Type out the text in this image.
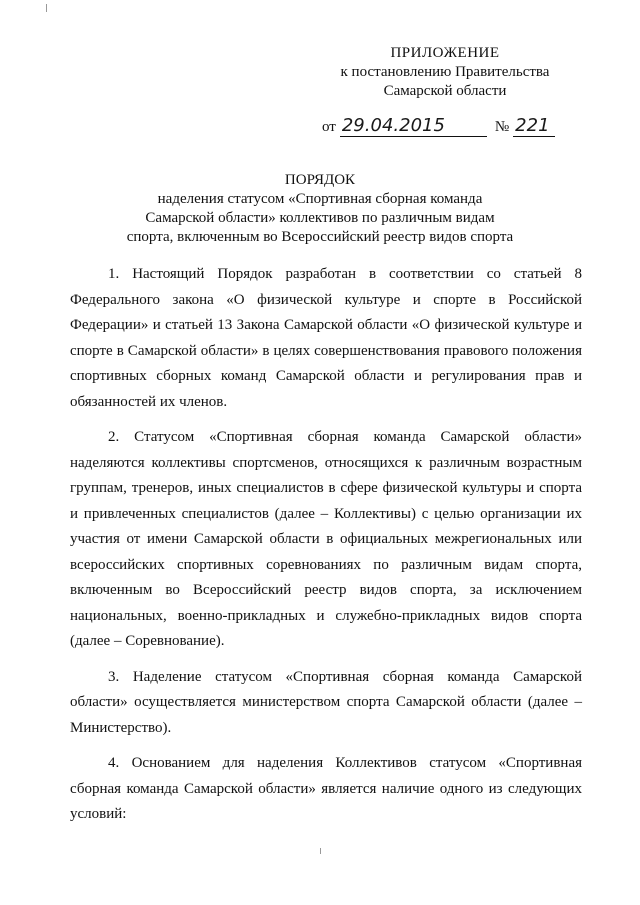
ПРИЛОЖЕНИЕ
к постановлению Правительства
Самарской области
от 29.04.2015	№ 221
ПОРЯДОК
наделения статусом «Спортивная сборная команда
Самарской области» коллективов по различным видам
спорта, включенным во Всероссийский реестр видов спорта

1. Настоящий Порядок разработан в соответствии со статьей 8 Федерального закона «О физической культуре и спорте в Российской Федерации» и статьей 13 Закона Самарской области «О физической культуре и спорте в Самарской области» в целях совершенствования правового положения спортивных сборных команд Самарской области и регулирования прав и обязанностей их членов.

2. Статусом «Спортивная сборная команда Самарской области» наделяются коллективы спортсменов, относящихся к различным возрастным группам, тренеров, иных специалистов в сфере физической культуры и спорта и привлеченных специалистов (далее – Коллективы) с целью организации их участия от имени Самарской области в официальных межрегиональных или всероссийских спортивных соревнованиях по различным видам спорта, включенным во Всероссийский реестр видов спорта, за исключением национальных, военно-прикладных и служебно-прикладных видов спорта (далее – Соревнование).

3. Наделение статусом «Спортивная сборная команда Самарской области» осуществляется министерством спорта Самарской области (далее – Министерство).

4. Основанием для наделения Коллективов статусом «Спортивная сборная команда Самарской области» является наличие одного из следующих условий:
